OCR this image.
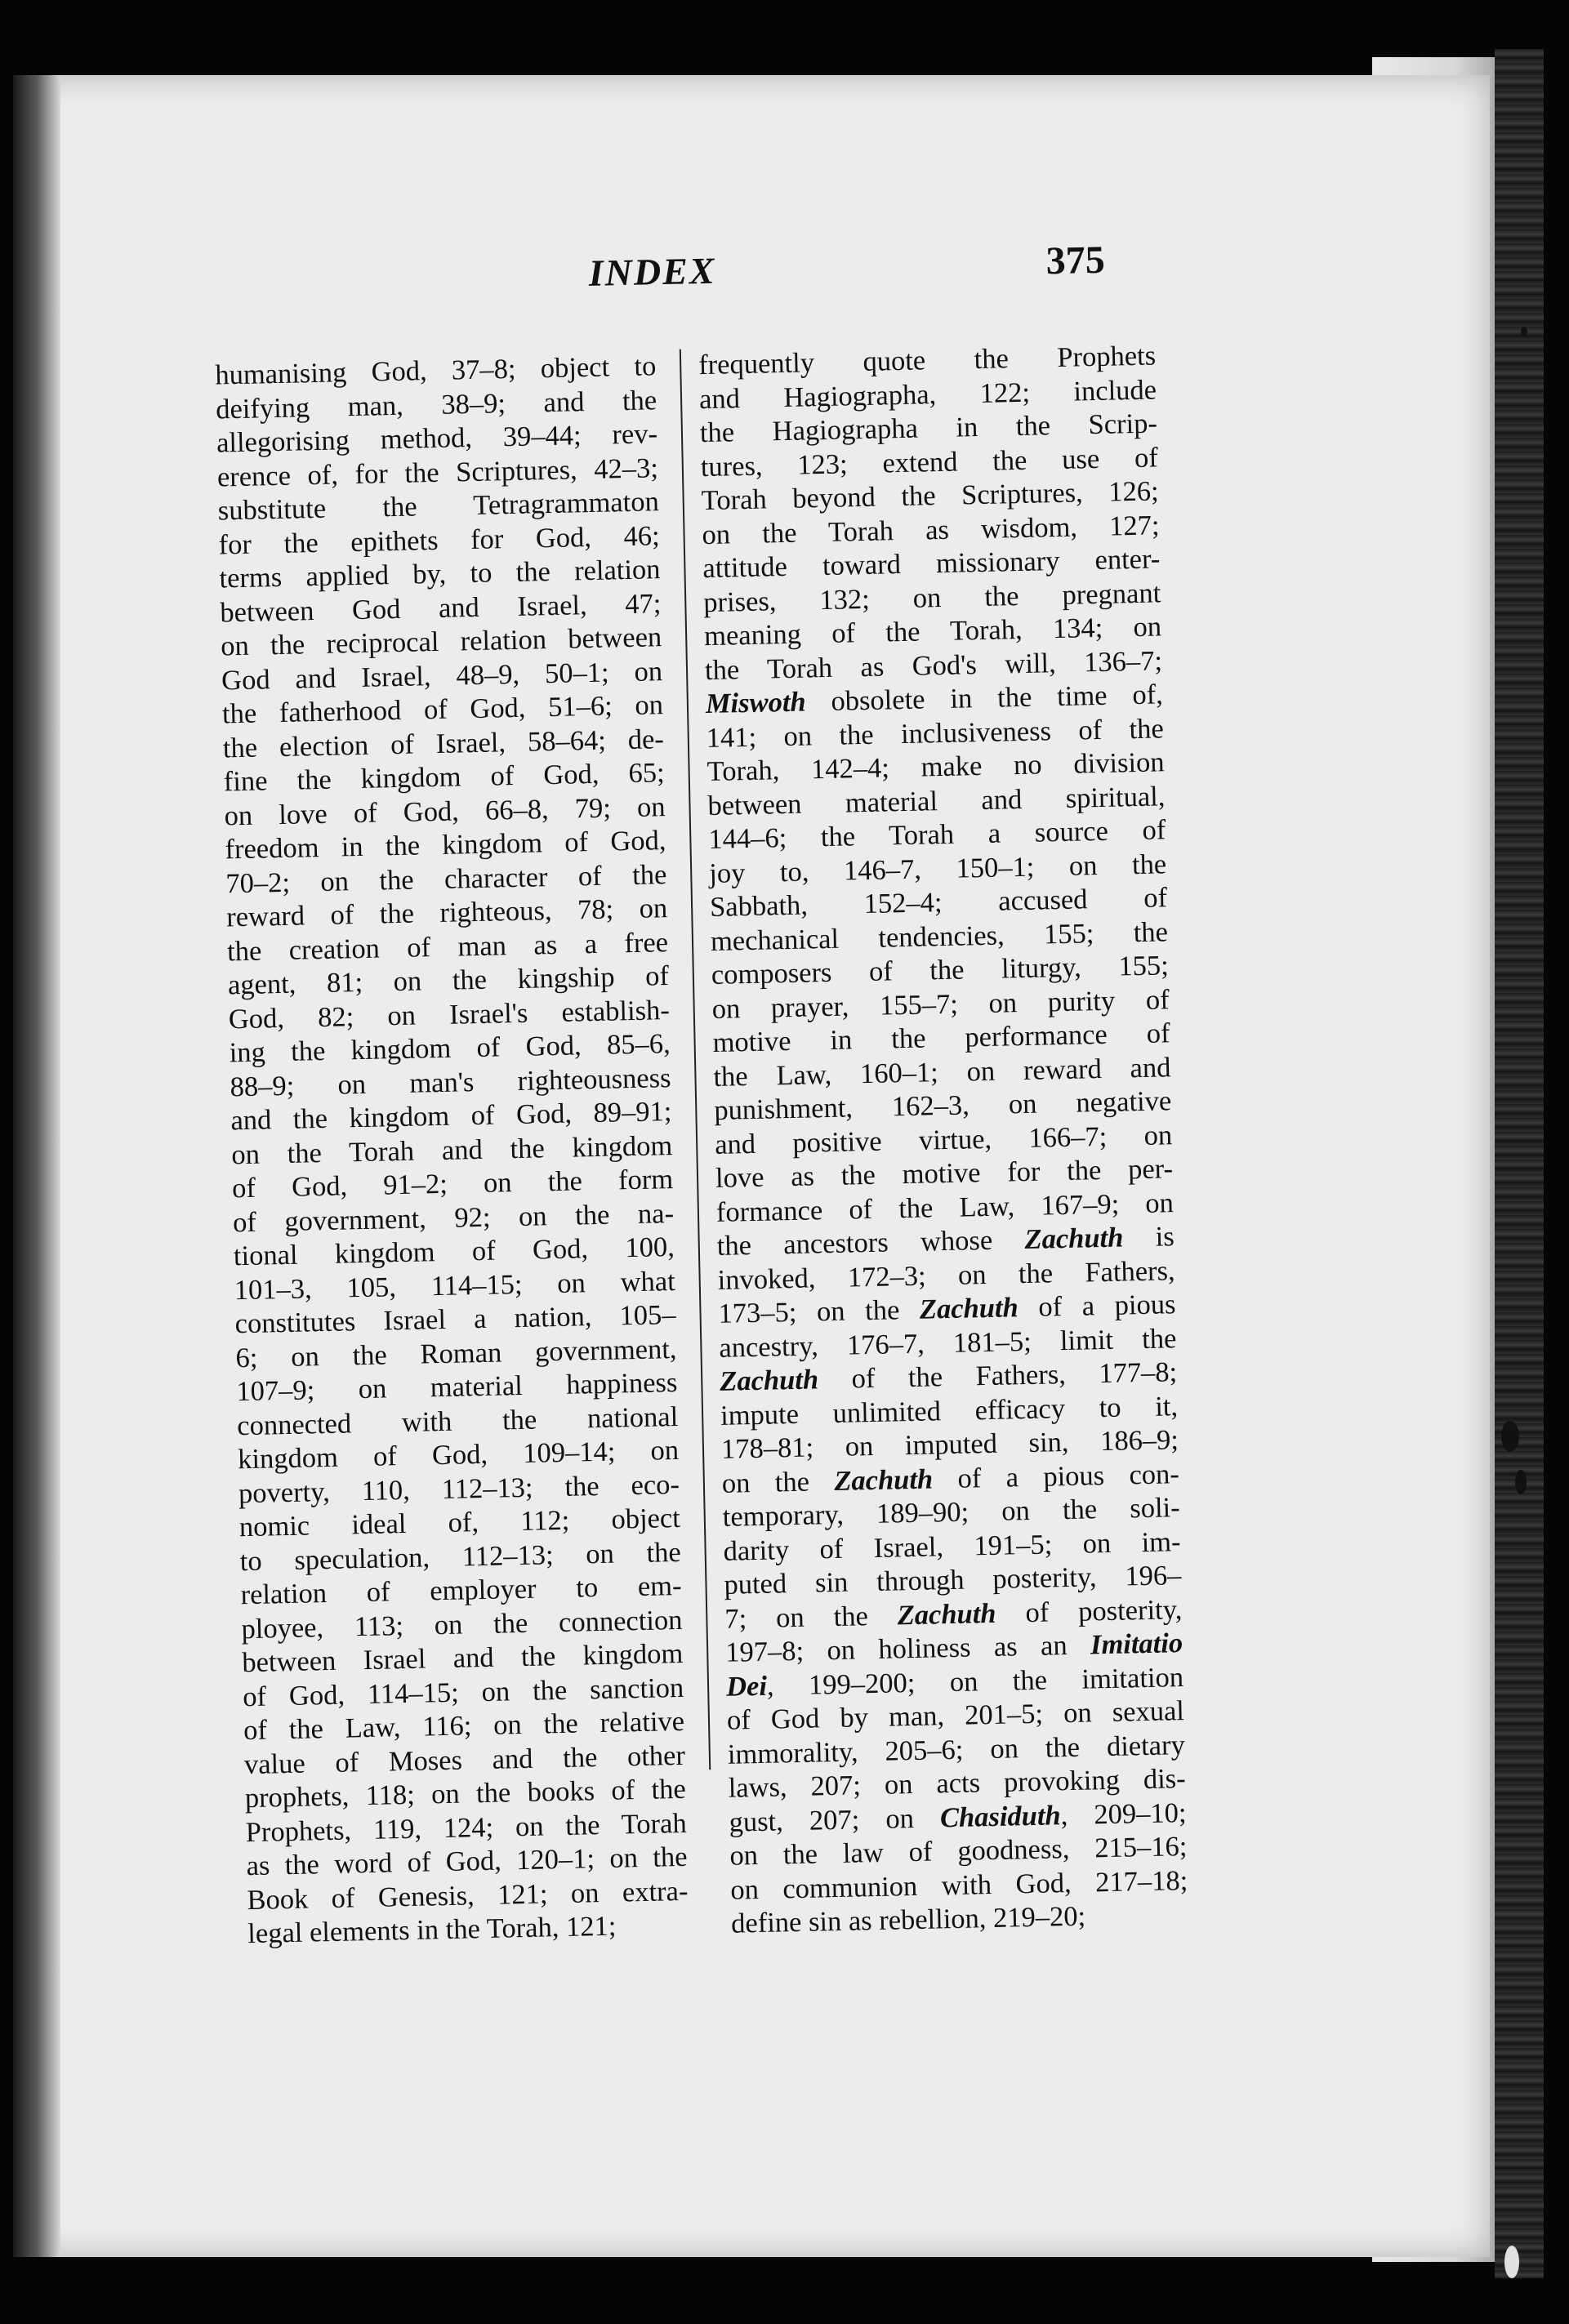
INDEX	375
humanising God, 37–8; object to
deifying man, 38–9; and the
allegorising method, 39–44; rev-
erence of, for the Scriptures, 42–3;
substitute the Tetragrammaton
for the epithets for God, 46;
terms applied by, to the relation
between God and Israel, 47;
on the reciprocal relation between
God and Israel, 48–9, 50–1; on
the fatherhood of God, 51–6; on
the election of Israel, 58–64; de-
fine the kingdom of God, 65;
on love of God, 66–8, 79; on
freedom in the kingdom of God,
70–2; on the character of the
reward of the righteous, 78; on
the creation of man as a free
agent, 81; on the kingship of
God, 82; on Israel's establish-
ing the kingdom of God, 85–6,
88–9; on man's righteousness
and the kingdom of God, 89–91;
on the Torah and the kingdom
of God, 91–2; on the form
of government, 92; on the na-
tional kingdom of God, 100,
101–3, 105, 114–15; on what
constitutes Israel a nation, 105–
6; on the Roman government,
107–9; on material happiness
connected with the national
kingdom of God, 109–14; on
poverty, 110, 112–13; the eco-
nomic ideal of, 112; object
to speculation, 112–13; on the
relation of employer to em-
ployee, 113; on the connection
between Israel and the kingdom
of God, 114–15; on the sanction
of the Law, 116; on the relative
value of Moses and the other
prophets, 118; on the books of the
Prophets, 119, 124; on the Torah
as the word of God, 120–1; on the
Book of Genesis, 121; on extra-
legal elements in the Torah, 121;
frequently quote the Prophets
and Hagiographa, 122; include
the Hagiographa in the Scrip-
tures, 123; extend the use of
Torah beyond the Scriptures, 126;
on the Torah as wisdom, 127;
attitude toward missionary enter-
prises, 132; on the pregnant
meaning of the Torah, 134; on
the Torah as God's will, 136–7;
Miswoth obsolete in the time of,
141; on the inclusiveness of the
Torah, 142–4; make no division
between material and spiritual,
144–6; the Torah a source of
joy to, 146–7, 150–1; on the
Sabbath, 152–4; accused of
mechanical tendencies, 155; the
composers of the liturgy, 155;
on prayer, 155–7; on purity of
motive in the performance of
the Law, 160–1; on reward and
punishment, 162–3, on negative
and positive virtue, 166–7; on
love as the motive for the per-
formance of the Law, 167–9; on
the ancestors whose Zachuth is
invoked, 172–3; on the Fathers,
173–5; on the Zachuth of a pious
ancestry, 176–7, 181–5; limit the
Zachuth of the Fathers, 177–8;
impute unlimited efficacy to it,
178–81; on imputed sin, 186–9;
on the Zachuth of a pious con-
temporary, 189–90; on the soli-
darity of Israel, 191–5; on im-
puted sin through posterity, 196–
7; on the Zachuth of posterity,
197–8; on holiness as an Imitatio
Dei, 199–200; on the imitation
of God by man, 201–5; on sexual
immorality, 205–6; on the dietary
laws, 207; on acts provoking dis-
gust, 207; on Chasiduth, 209–10;
on the law of goodness, 215–16;
on communion with God, 217–18;
define sin as rebellion, 219–20;
